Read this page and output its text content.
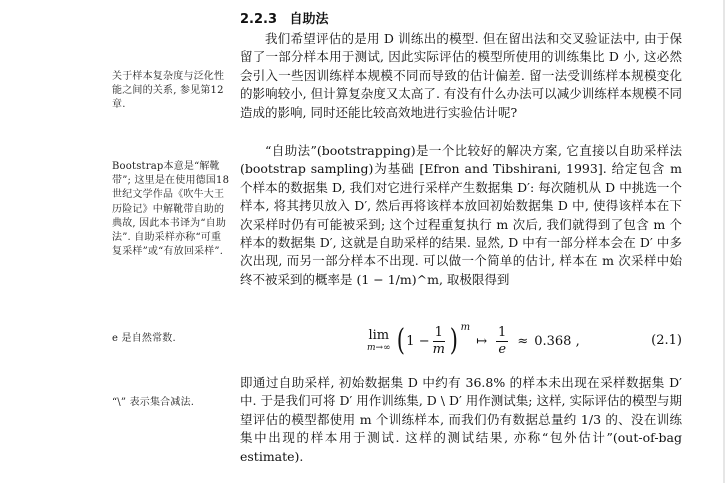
2.2.3 自助法
关于样本复杂度与泛化性能之间的关系, 参见第12章.
Bootstrap本意是“解靴带”; 这里是在使用德国18世纪文学作品《吹牛大王历险记》中解靴带自助的典故, 因此本书译为“自助法”. 自助采样亦称“可重复采样”或“有放回采样”.
e 是自然常数.
“\” 表示集合减法.

我们希望评估的是用 D 训练出的模型. 但在留出法和交叉验证法中, 由于保留了一部分样本用于测试, 因此实际评估的模型所使用的训练集比 D 小, 这必然会引入一些因训练样本规模不同而导致的估计偏差. 留一法受训练样本规模变化的影响较小, 但计算复杂度又太高了. 有没有什么办法可以减少训练样本规模不同造成的影响, 同时还能比较高效地进行实验估计呢?

“自助法”(bootstrapping)是一个比较好的解决方案, 它直接以自助采样法(bootstrap sampling)为基础 [Efron and Tibshirani, 1993]. 给定包含 m 个样本的数据集 D, 我们对它进行采样产生数据集 D′: 每次随机从 D 中挑选一个样本, 将其拷贝放入 D′, 然后再将该样本放回初始数据集 D 中, 使得该样本在下次采样时仍有可能被采到; 这个过程重复执行 m 次后, 我们就得到了包含 m 个样本的数据集 D′, 这就是自助采样的结果. 显然, D 中有一部分样本会在 D′ 中多次出现, 而另一部分样本不出现. 可以做一个简单的估计, 样本在 m 次采样中始终不被采到的概率是 (1 − 1/m)^m, 取极限得到

lim
m→∞ ( $1 - \frac{1}{m}$ ) m
↦ $\frac{1}{e} \approx 0.368$ ,	(2.1)

即通过自助采样, 初始数据集 D 中约有 36.8% 的样本未出现在采样数据集 D′ 中. 于是我们可将 D′ 用作训练集, D \ D′ 用作测试集; 这样, 实际评估的模型与期望评估的模型都使用 m 个训练样本, 而我们仍有数据总量约 1/3 的、没在训练集中出现的样本用于测试. 这样的测试结果, 亦称“包外估计”(out-of-bag estimate).
